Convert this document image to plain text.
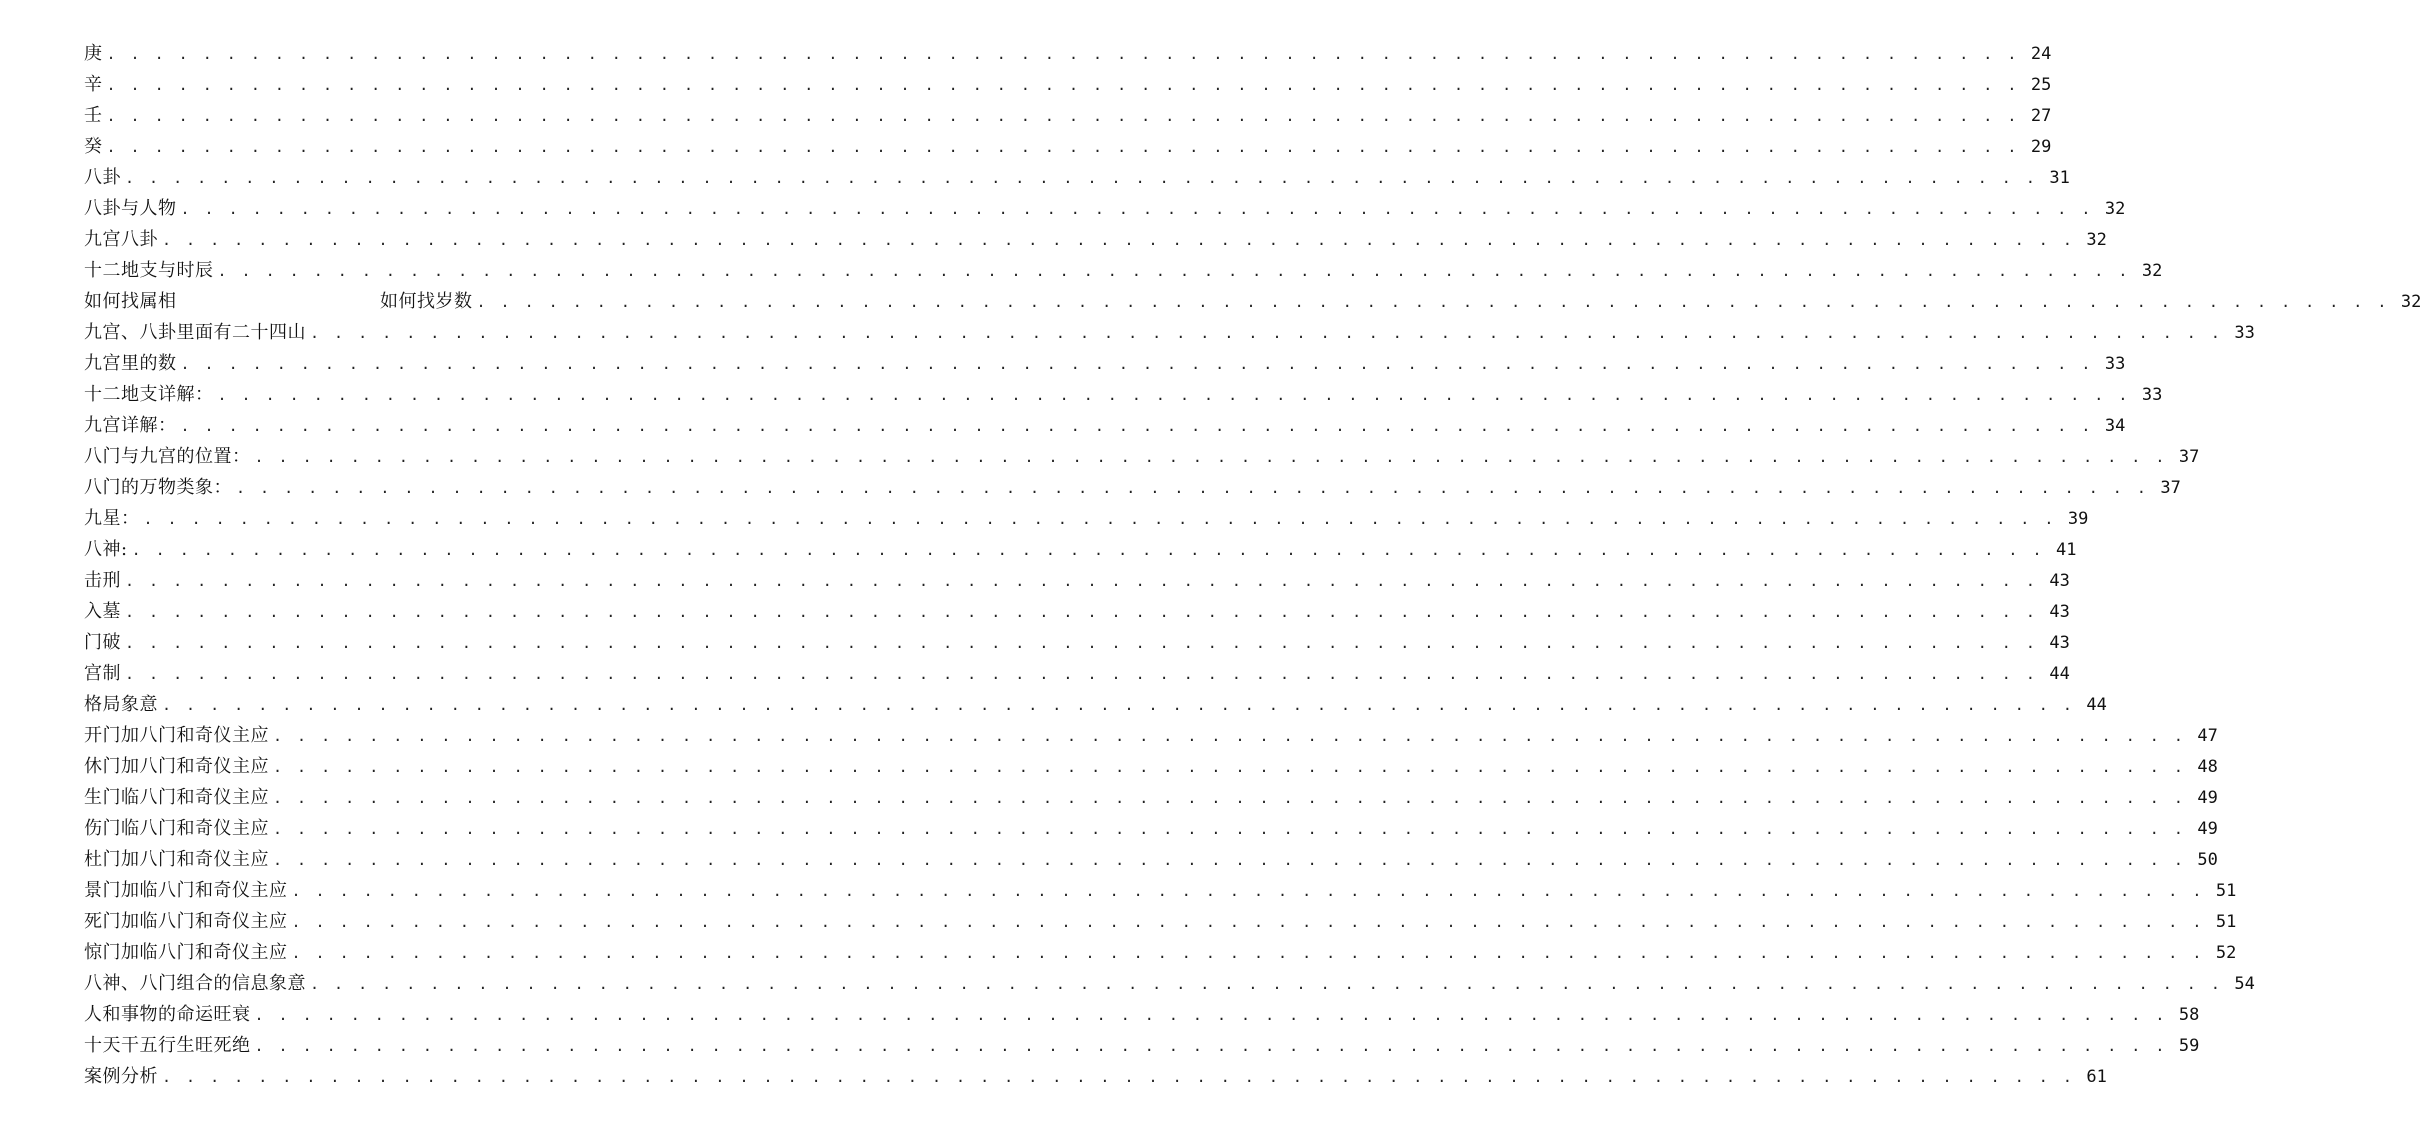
庚 . . . . . . . . . . . . . . . . . . . . . . . . . . . . . . . . . . . . . . . . . . . . . . . . . . . . . . . . . . . . . . . . . . . . . . . . . . . . . . . . 24
辛 . . . . . . . . . . . . . . . . . . . . . . . . . . . . . . . . . . . . . . . . . . . . . . . . . . . . . . . . . . . . . . . . . . . . . . . . . . . . . . . . 25
壬 . . . . . . . . . . . . . . . . . . . . . . . . . . . . . . . . . . . . . . . . . . . . . . . . . . . . . . . . . . . . . . . . . . . . . . . . . . . . . . . . 27
癸 . . . . . . . . . . . . . . . . . . . . . . . . . . . . . . . . . . . . . . . . . . . . . . . . . . . . . . . . . . . . . . . . . . . . . . . . . . . . . . . . 29
八卦 . . . . . . . . . . . . . . . . . . . . . . . . . . . . . . . . . . . . . . . . . . . . . . . . . . . . . . . . . . . . . . . . . . . . . . . . . . . . . . . . 31
八卦与人物 . . . . . . . . . . . . . . . . . . . . . . . . . . . . . . . . . . . . . . . . . . . . . . . . . . . . . . . . . . . . . . . . . . . . . . . . . . . . . . . . 32
九宫八卦 . . . . . . . . . . . . . . . . . . . . . . . . . . . . . . . . . . . . . . . . . . . . . . . . . . . . . . . . . . . . . . . . . . . . . . . . . . . . . . . . 32
十二地支与时辰 . . . . . . . . . . . . . . . . . . . . . . . . . . . . . . . . . . . . . . . . . . . . . . . . . . . . . . . . . . . . . . . . . . . . . . . . . . . . . . . . 32
如何找属相	如何找岁数 . . . . . . . . . . . . . . . . . . . . . . . . . . . . . . . . . . . . . . . . . . . . . . . . . . . . . . . . . . . . . . . . . . . . . . . . . . . . . . . . 32
九宫、八卦里面有二十四山 . . . . . . . . . . . . . . . . . . . . . . . . . . . . . . . . . . . . . . . . . . . . . . . . . . . . . . . . . . . . . . . . . . . . . . . . . . . . . . . . 33
九宫里的数 . . . . . . . . . . . . . . . . . . . . . . . . . . . . . . . . . . . . . . . . . . . . . . . . . . . . . . . . . . . . . . . . . . . . . . . . . . . . . . . . 33
十二地支详解： . . . . . . . . . . . . . . . . . . . . . . . . . . . . . . . . . . . . . . . . . . . . . . . . . . . . . . . . . . . . . . . . . . . . . . . . . . . . . . . . 33
九宫详解： . . . . . . . . . . . . . . . . . . . . . . . . . . . . . . . . . . . . . . . . . . . . . . . . . . . . . . . . . . . . . . . . . . . . . . . . . . . . . . . . 34
八门与九宫的位置： . . . . . . . . . . . . . . . . . . . . . . . . . . . . . . . . . . . . . . . . . . . . . . . . . . . . . . . . . . . . . . . . . . . . . . . . . . . . . . . . 37
八门的万物类象： . . . . . . . . . . . . . . . . . . . . . . . . . . . . . . . . . . . . . . . . . . . . . . . . . . . . . . . . . . . . . . . . . . . . . . . . . . . . . . . . 37
九星： . . . . . . . . . . . . . . . . . . . . . . . . . . . . . . . . . . . . . . . . . . . . . . . . . . . . . . . . . . . . . . . . . . . . . . . . . . . . . . . . 39
八神: . . . . . . . . . . . . . . . . . . . . . . . . . . . . . . . . . . . . . . . . . . . . . . . . . . . . . . . . . . . . . . . . . . . . . . . . . . . . . . . . 41
击刑 . . . . . . . . . . . . . . . . . . . . . . . . . . . . . . . . . . . . . . . . . . . . . . . . . . . . . . . . . . . . . . . . . . . . . . . . . . . . . . . . 43
入墓 . . . . . . . . . . . . . . . . . . . . . . . . . . . . . . . . . . . . . . . . . . . . . . . . . . . . . . . . . . . . . . . . . . . . . . . . . . . . . . . . 43
门破 . . . . . . . . . . . . . . . . . . . . . . . . . . . . . . . . . . . . . . . . . . . . . . . . . . . . . . . . . . . . . . . . . . . . . . . . . . . . . . . . 43
宫制 . . . . . . . . . . . . . . . . . . . . . . . . . . . . . . . . . . . . . . . . . . . . . . . . . . . . . . . . . . . . . . . . . . . . . . . . . . . . . . . . 44
格局象意 . . . . . . . . . . . . . . . . . . . . . . . . . . . . . . . . . . . . . . . . . . . . . . . . . . . . . . . . . . . . . . . . . . . . . . . . . . . . . . . . 44
开门加八门和奇仪主应 . . . . . . . . . . . . . . . . . . . . . . . . . . . . . . . . . . . . . . . . . . . . . . . . . . . . . . . . . . . . . . . . . . . . . . . . . . . . . . . . 47
休门加八门和奇仪主应 . . . . . . . . . . . . . . . . . . . . . . . . . . . . . . . . . . . . . . . . . . . . . . . . . . . . . . . . . . . . . . . . . . . . . . . . . . . . . . . . 48
生门临八门和奇仪主应 . . . . . . . . . . . . . . . . . . . . . . . . . . . . . . . . . . . . . . . . . . . . . . . . . . . . . . . . . . . . . . . . . . . . . . . . . . . . . . . . 49
伤门临八门和奇仪主应 . . . . . . . . . . . . . . . . . . . . . . . . . . . . . . . . . . . . . . . . . . . . . . . . . . . . . . . . . . . . . . . . . . . . . . . . . . . . . . . . 49
杜门加八门和奇仪主应 . . . . . . . . . . . . . . . . . . . . . . . . . . . . . . . . . . . . . . . . . . . . . . . . . . . . . . . . . . . . . . . . . . . . . . . . . . . . . . . . 50
景门加临八门和奇仪主应 . . . . . . . . . . . . . . . . . . . . . . . . . . . . . . . . . . . . . . . . . . . . . . . . . . . . . . . . . . . . . . . . . . . . . . . . . . . . . . . . 51
死门加临八门和奇仪主应 . . . . . . . . . . . . . . . . . . . . . . . . . . . . . . . . . . . . . . . . . . . . . . . . . . . . . . . . . . . . . . . . . . . . . . . . . . . . . . . . 51
惊门加临八门和奇仪主应 . . . . . . . . . . . . . . . . . . . . . . . . . . . . . . . . . . . . . . . . . . . . . . . . . . . . . . . . . . . . . . . . . . . . . . . . . . . . . . . . 52
八神、八门组合的信息象意 . . . . . . . . . . . . . . . . . . . . . . . . . . . . . . . . . . . . . . . . . . . . . . . . . . . . . . . . . . . . . . . . . . . . . . . . . . . . . . . . 54
人和事物的命运旺衰 . . . . . . . . . . . . . . . . . . . . . . . . . . . . . . . . . . . . . . . . . . . . . . . . . . . . . . . . . . . . . . . . . . . . . . . . . . . . . . . . 58
十天干五行生旺死绝 . . . . . . . . . . . . . . . . . . . . . . . . . . . . . . . . . . . . . . . . . . . . . . . . . . . . . . . . . . . . . . . . . . . . . . . . . . . . . . . . 59
案例分析 . . . . . . . . . . . . . . . . . . . . . . . . . . . . . . . . . . . . . . . . . . . . . . . . . . . . . . . . . . . . . . . . . . . . . . . . . . . . . . . . 61
